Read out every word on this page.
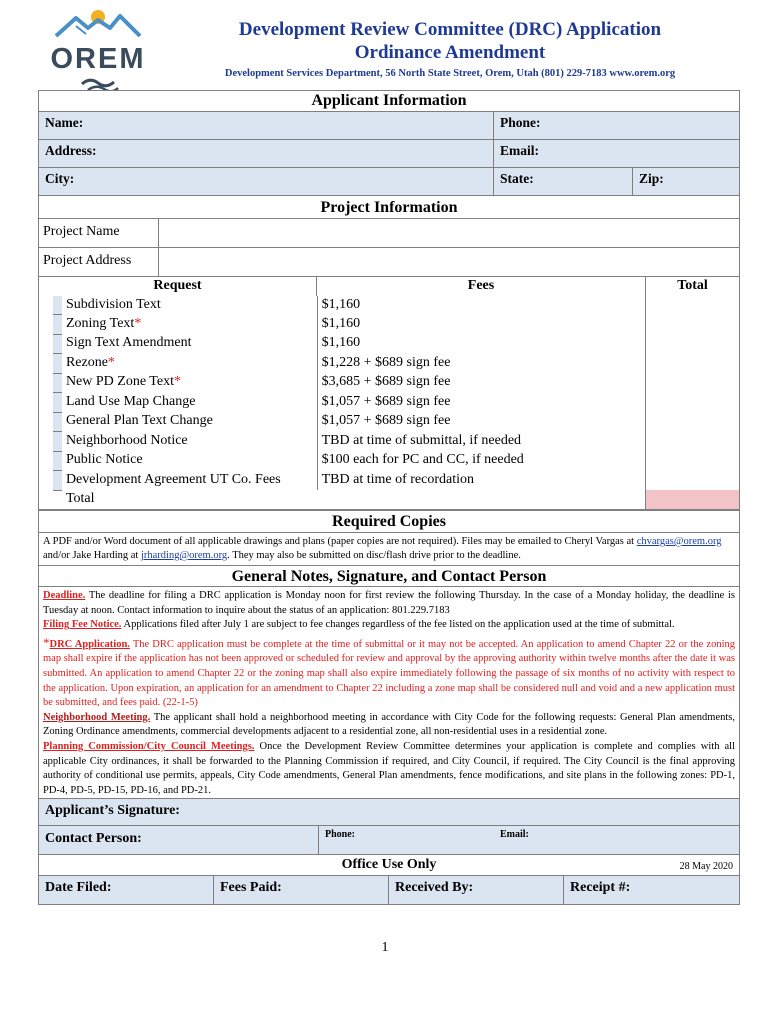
OREM
Development Review Committee (DRC) Application
Ordinance Amendment
Development Services Department, 56 North State Street, Orem, Utah (801) 229-7183 www.orem.org
Applicant Information
Name:	Phone:
Address:	Email:
City:	State:	Zip:
Project Information
Project Name
Project Address
Request	Fees	Total
		Subdivision Text	$1,160	
		Zoning Text*	$1,160	
		Sign Text Amendment	$1,160	
		Rezone*	$1,228 + $689 sign fee	
		New PD Zone Text*	$3,685 + $689 sign fee	
		Land Use Map Change	$1,057 + $689 sign fee	
		General Plan Text Change	$1,057 + $689 sign fee	
		Neighborhood Notice	TBD at time of submittal, if needed	
		Public Notice	$100 each for PC and CC, if needed	
		Development Agreement UT Co. Fees	TBD at time of recordation	
		Total		
Required Copies
A PDF and/or Word document of all applicable drawings and plans (paper copies are not required). Files may be emailed to Cheryl Vargas at chvargas@orem.org and/or Jake Harding at jrharding@orem.org. They may also be submitted on disc/flash drive prior to the deadline.
General Notes, Signature, and Contact Person

Deadline. The deadline for filing a DRC application is Monday noon for first review the following Thursday. In the case of a Monday holiday, the deadline is Tuesday at noon. Contact information to inquire about the status of an application: 801.229.7183

Filing Fee Notice. Applications filed after July 1 are subject to fee changes regardless of the fee listed on the application used at the time of submittal.

*DRC Application. The DRC application must be complete at the time of submittal or it may not be accepted. An application to amend Chapter 22 or the zoning map shall expire if the application has not been approved or scheduled for review and approval by the approving authority within twelve months after the date it was submitted. An application to amend Chapter 22 or the zoning map shall also expire immediately following the passage of six months of no activity with respect to the application. Upon expiration, an application for an amendment to Chapter 22 including a zone map shall be considered null and void and a new application must be submitted, and fees paid. (22-1-5)

Neighborhood Meeting. The applicant shall hold a neighborhood meeting in accordance with City Code for the following requests: General Plan amendments, Zoning Ordinance amendments, commercial developments adjacent to a residential zone, all non-residential uses in a residential zone.

Planning Commission/City Council Meetings. Once the Development Review Committee determines your application is complete and complies with all applicable City ordinances, it shall be forwarded to the Planning Commission if required, and City Council, if required. The City Council is the final approving authority of conditional use permits, appeals, City Code amendments, General Plan amendments, fence modifications, and site plans in the following zones: PD-1, PD-4, PD-5, PD-15, PD-16, and PD-21.

Applicant’s Signature:
Contact Person:	Phone:	Email:
Office Use Only	28 May 2020
Date Filed:	Fees Paid:	Received By:	Receipt #:
1
